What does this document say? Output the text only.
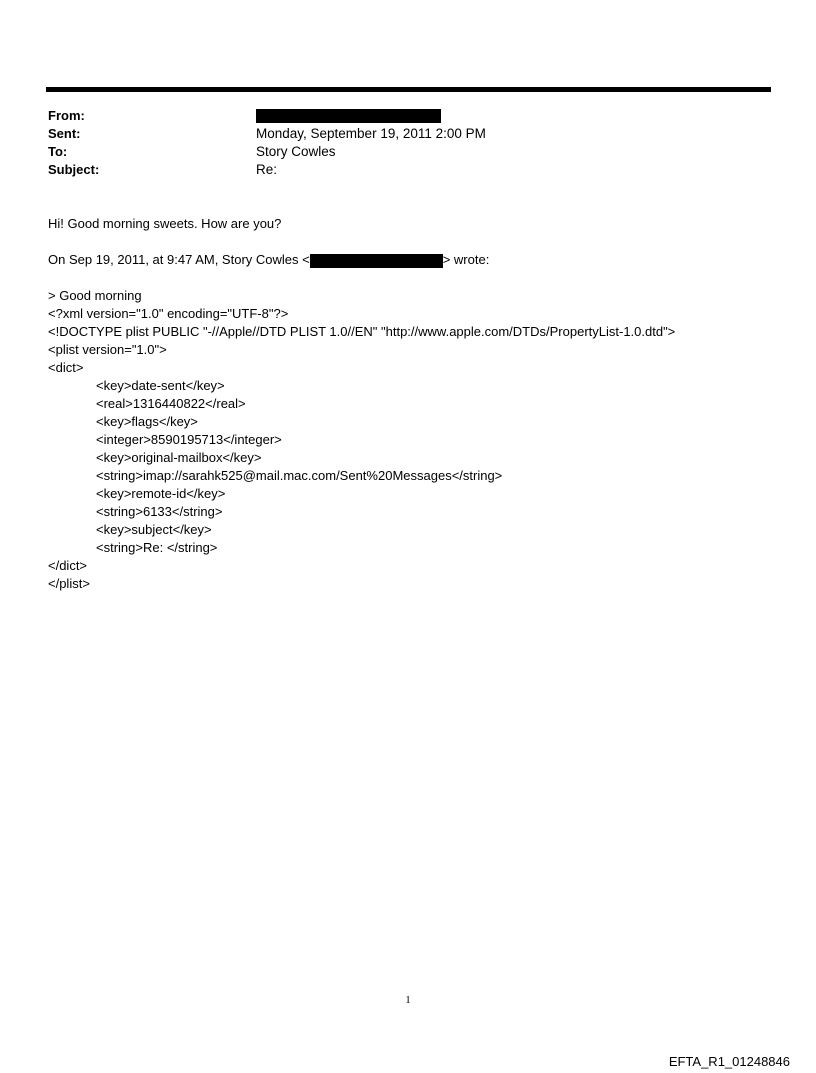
From:
Sent:	Monday, September 19, 2011 2:00 PM
To:	Story Cowles
Subject:	Re:
Hi! Good morning sweets. How are you?
On Sep 19, 2011, at 9:47 AM, Story Cowles <	> wrote:
> Good morning
<?xml version="1.0" encoding="UTF-8"?>
<!DOCTYPE plist PUBLIC "-//Apple//DTD PLIST 1.0//EN" "http://www.apple.com/DTDs/PropertyList-1.0.dtd">
<plist version="1.0">
<dict>
<key>date-sent</key>
<real>1316440822</real>
<key>flags</key>
<integer>8590195713</integer>
<key>original-mailbox</key>
<string>imap://sarahk525@mail.mac.com/Sent%20Messages</string>
<key>remote-id</key>
<string>6133</string>
<key>subject</key>
<string>Re: </string>
</dict>
</plist>
1
EFTA_R1_01248846
